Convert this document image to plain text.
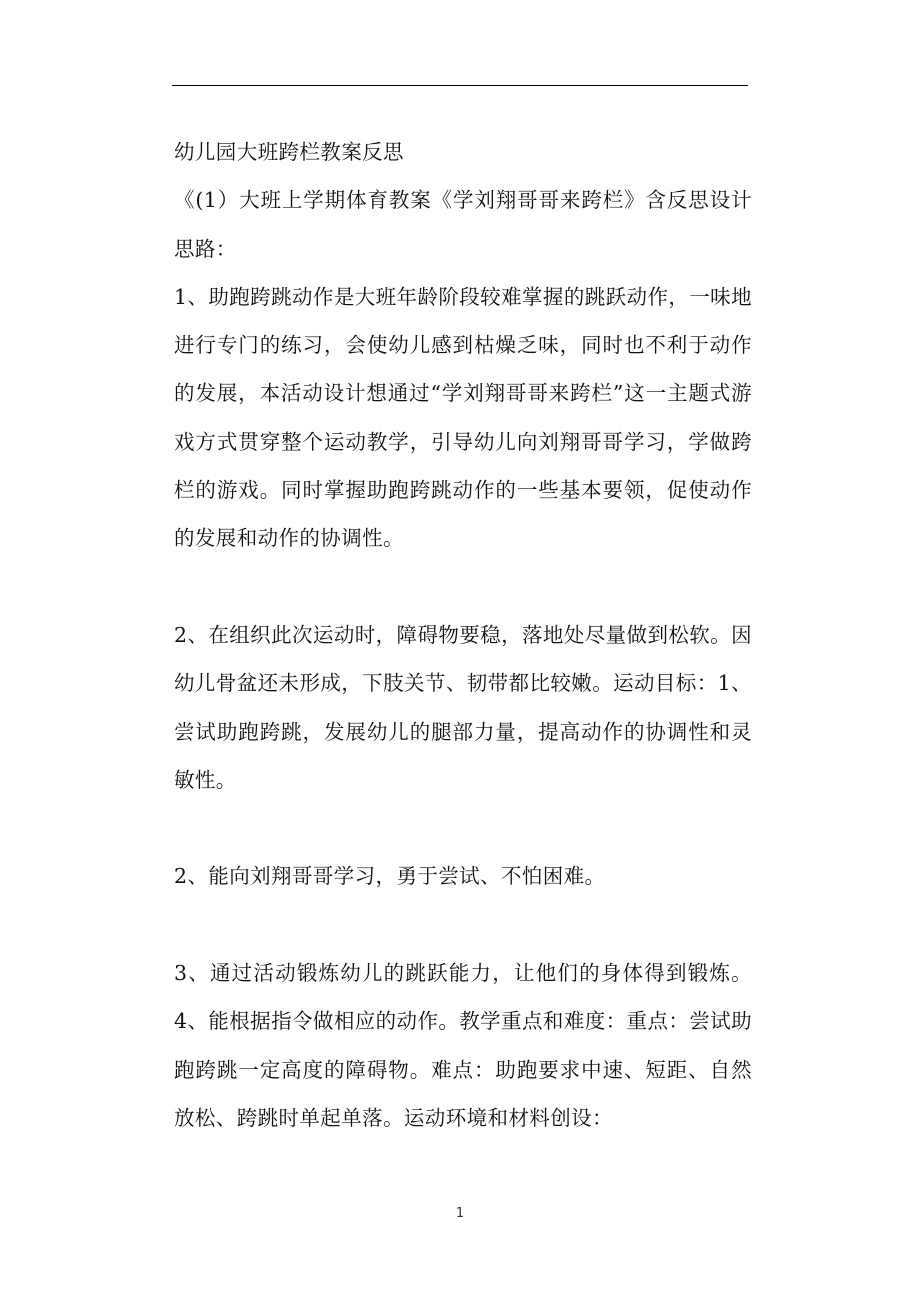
幼儿园大班跨栏教案反思

《(1）大班上学期体育教案《学刘翔哥哥来跨栏》含反思设计思路：

1、助跑跨跳动作是大班年龄阶段较难掌握的跳跃动作，一味地进行专门的练习，会使幼儿感到枯燥乏味，同时也不利于动作的发展，本活动设计想通过“学刘翔哥哥来跨栏”这一主题式游戏方式贯穿整个运动教学，引导幼儿向刘翔哥哥学习，学做跨栏的游戏。同时掌握助跑跨跳动作的一些基本要领，促使动作的发展和动作的协调性。

2、在组织此次运动时，障碍物要稳，落地处尽量做到松软。因幼儿骨盆还未形成，下肢关节、韧带都比较嫩。运动目标：1、尝试助跑跨跳，发展幼儿的腿部力量，提高动作的协调性和灵敏性。

2、能向刘翔哥哥学习，勇于尝试、不怕困难。

3、通过活动锻炼幼儿的跳跃能力，让他们的身体得到锻炼。4、能根据指令做相应的动作。教学重点和难度：重点：尝试助跑跨跳一定高度的障碍物。难点：助跑要求中速、短距、自然放松、跨跳时单起单落。运动环境和材料创设：

1
